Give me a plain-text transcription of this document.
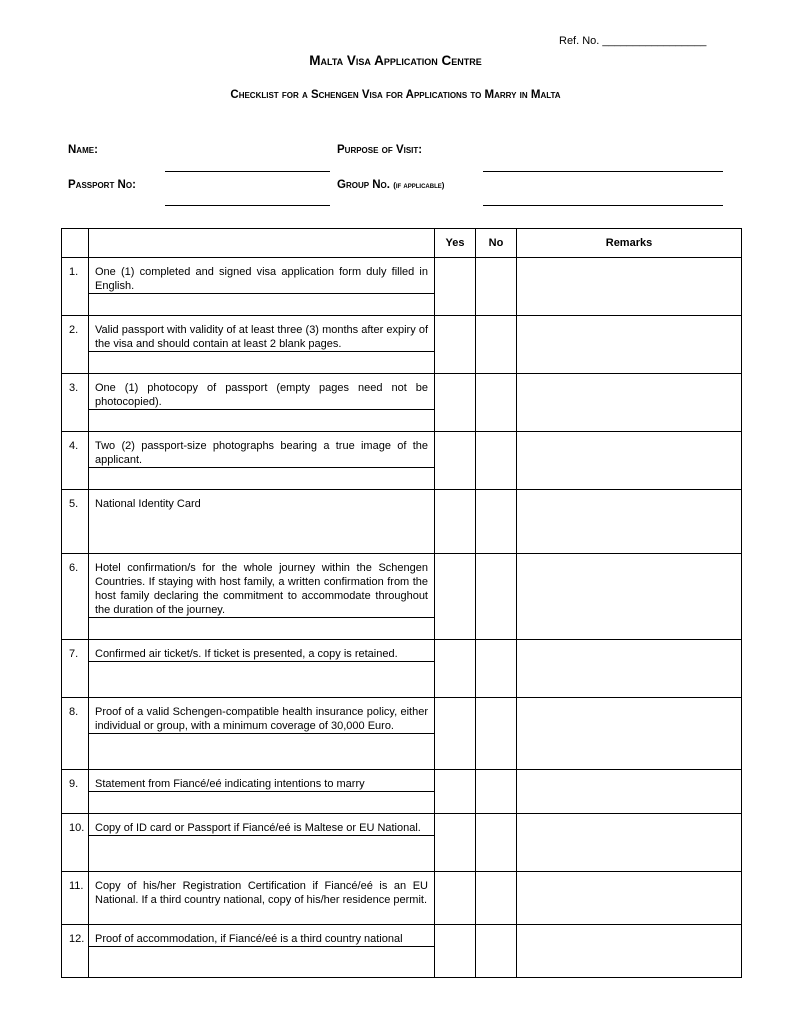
Ref. No. _________________
Malta Visa Application Centre
Checklist for a Schengen Visa for Applications to Marry in Malta
Name:	Purpose of Visit:
Passport No:	Group No. (if applicable)
		Yes	No	Remarks
1.	One (1) completed and signed visa application form duly filled in English.			

2.	Valid passport with validity of at least three (3) months after expiry of the visa and should contain at least 2 blank pages.			

3.	One (1) photocopy of passport (empty pages need not be photocopied).			

4.	Two (2) passport-size photographs bearing a true image of the applicant.			

5.	National Identity Card			

6.	Hotel confirmation/s for the whole journey within the Schengen Countries. If staying with host family, a written confirmation from the host family declaring the commitment to accommodate throughout the duration of the journey.			

7.	Confirmed air ticket/s. If ticket is presented, a copy is retained.			

8.	Proof of a valid Schengen-compatible health insurance policy, either individual or group, with a minimum coverage of 30,000 Euro.			

9.	Statement from Fiancé/eé indicating intentions to marry			

10.	Copy of ID card or Passport if Fiancé/eé is Maltese or EU National.			

11.	Copy of his/her Registration Certification if Fiancé/eé is an EU National. If a third country national, copy of his/her residence permit.			

12.	Proof of accommodation, if Fiancé/eé is a third country national			
